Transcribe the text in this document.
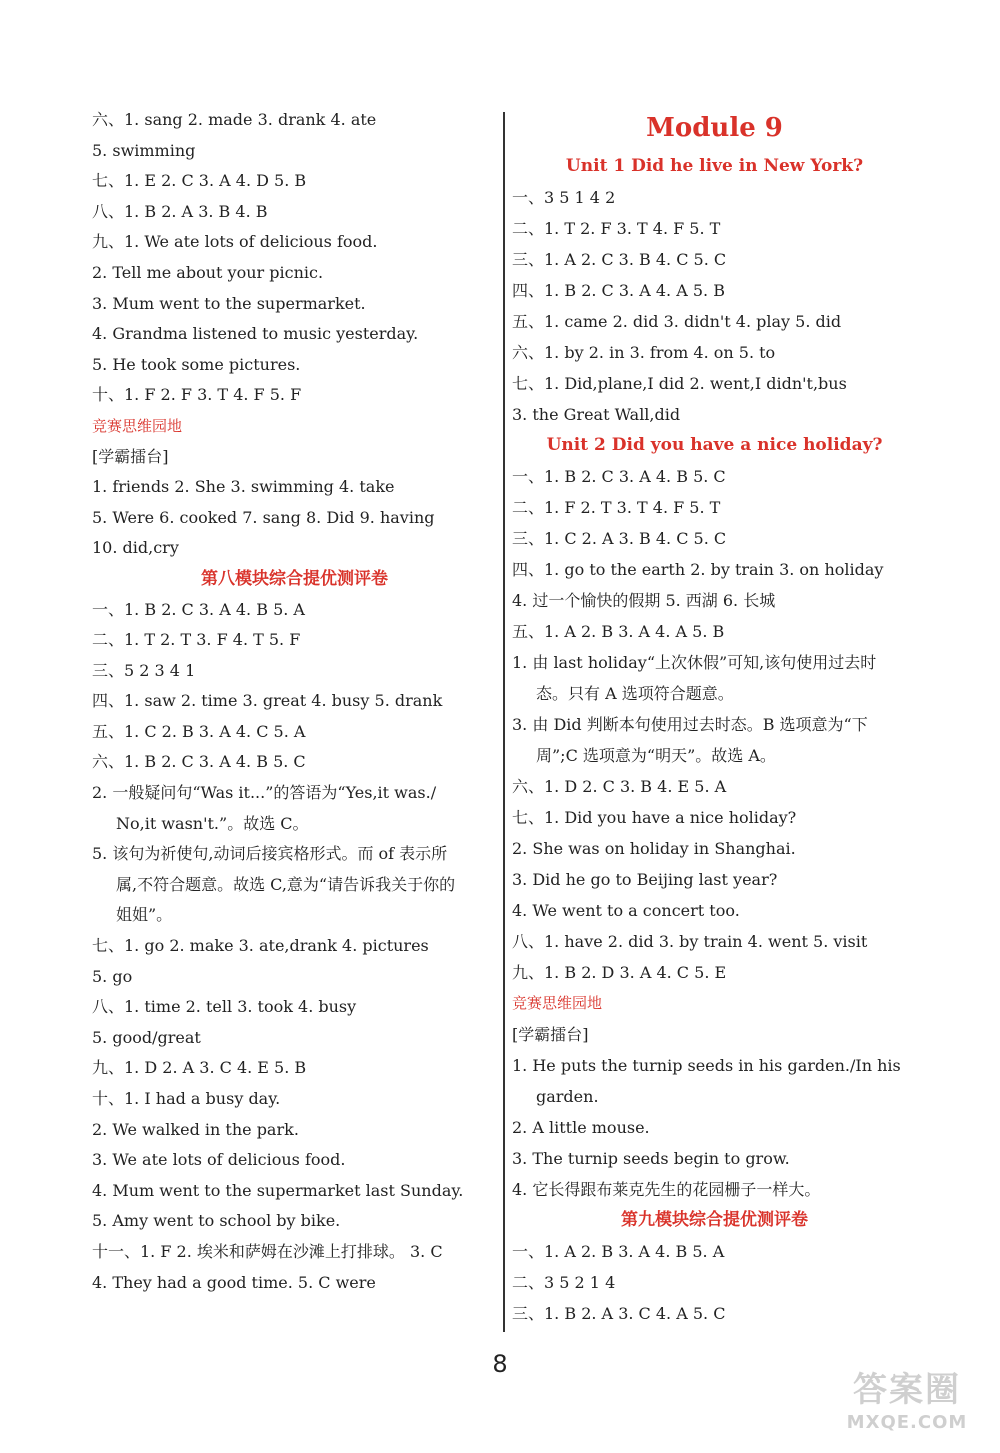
六、1. sang 2. made 3. drank 4. ate
5. swimming
七、1. E 2. C 3. A 4. D 5. B
八、1. B 2. A 3. B 4. B
九、1. We ate lots of delicious food.
2. Tell me about your picnic.
3. Mum went to the supermarket.
4. Grandma listened to music yesterday.
5. He took some pictures.
十、1. F 2. F 3. T 4. F 5. F
竞赛思维园地
[学霸擂台]
1. friends 2. She 3. swimming 4. take
5. Were 6. cooked 7. sang 8. Did 9. having
10. did,cry
第八模块综合提优测评卷
一、1. B 2. C 3. A 4. B 5. A
二、1. T 2. T 3. F 4. T 5. F
三、5 2 3 4 1
四、1. saw 2. time 3. great 4. busy 5. drank
五、1. C 2. B 3. A 4. C 5. A
六、1. B 2. C 3. A 4. B 5. C
2. 一般疑问句“Was it...”的答语为“Yes,it was./
No,it wasn't.”。故选 C。
5. 该句为祈使句,动词后接宾格形式。而 of 表示所
属,不符合题意。故选 C,意为“请告诉我关于你的
姐姐”。
七、1. go 2. make 3. ate,drank 4. pictures
5. go
八、1. time 2. tell 3. took 4. busy
5. good/great
九、1. D 2. A 3. C 4. E 5. B
十、1. I had a busy day.
2. We walked in the park.
3. We ate lots of delicious food.
4. Mum went to the supermarket last Sunday.
5. Amy went to school by bike.
十一、1. F 2. 埃米和萨姆在沙滩上打排球。 3. C
4. They had a good time. 5. C were
Module 9
Unit 1 Did he live in New York?
一、3 5 1 4 2
二、1. T 2. F 3. T 4. F 5. T
三、1. A 2. C 3. B 4. C 5. C
四、1. B 2. C 3. A 4. A 5. B
五、1. came 2. did 3. didn't 4. play 5. did
六、1. by 2. in 3. from 4. on 5. to
七、1. Did,plane,I did 2. went,I didn't,bus
3. the Great Wall,did
Unit 2 Did you have a nice holiday?
一、1. B 2. C 3. A 4. B 5. C
二、1. F 2. T 3. T 4. F 5. T
三、1. C 2. A 3. B 4. C 5. C
四、1. go to the earth 2. by train 3. on holiday
4. 过一个愉快的假期 5. 西湖 6. 长城
五、1. A 2. B 3. A 4. A 5. B
1. 由 last holiday“上次休假”可知,该句使用过去时
态。只有 A 选项符合题意。
3. 由 Did 判断本句使用过去时态。B 选项意为“下
周”;C 选项意为“明天”。故选 A。
六、1. D 2. C 3. B 4. E 5. A
七、1. Did you have a nice holiday?
2. She was on holiday in Shanghai.
3. Did he go to Beijing last year?
4. We went to a concert too.
八、1. have 2. did 3. by train 4. went 5. visit
九、1. B 2. D 3. A 4. C 5. E
竞赛思维园地
[学霸擂台]
1. He puts the turnip seeds in his garden./In his
garden.
2. A little mouse.
3. The turnip seeds begin to grow.
4. 它长得跟布莱克先生的花园栅子一样大。
第九模块综合提优测评卷
一、1. A 2. B 3. A 4. B 5. A
二、3 5 2 1 4
三、1. B 2. A 3. C 4. A 5. C
8
答案圈
MXQE.COM
